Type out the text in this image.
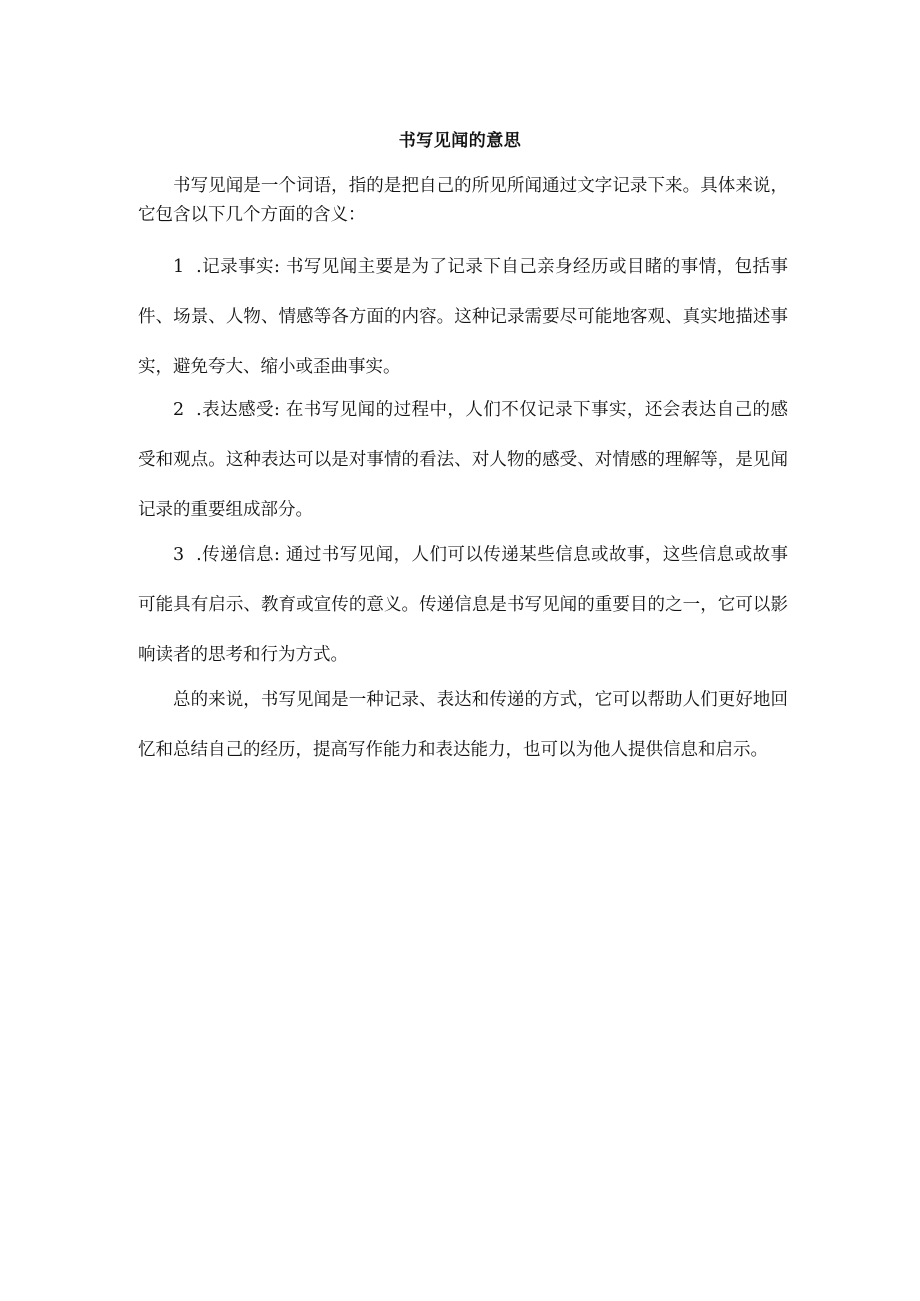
书写见闻的意思

书写见闻是一个词语，指的是把自己的所见所闻通过文字记录下来。具体来说，它包含以下几个方面的含义：

1 .记录事实: 书写见闻主要是为了记录下自己亲身经历或目睹的事情，包括事件、场景、人物、情感等各方面的内容。这种记录需要尽可能地客观、真实地描述事实，避免夸大、缩小或歪曲事实。

2 .表达感受: 在书写见闻的过程中，人们不仅记录下事实，还会表达自己的感受和观点。这种表达可以是对事情的看法、对人物的感受、对情感的理解等，是见闻记录的重要组成部分。

3 .传递信息: 通过书写见闻，人们可以传递某些信息或故事，这些信息或故事可能具有启示、教育或宣传的意义。传递信息是书写见闻的重要目的之一，它可以影响读者的思考和行为方式。

总的来说，书写见闻是一种记录、表达和传递的方式，它可以帮助人们更好地回忆和总结自己的经历，提高写作能力和表达能力，也可以为他人提供信息和启示。
